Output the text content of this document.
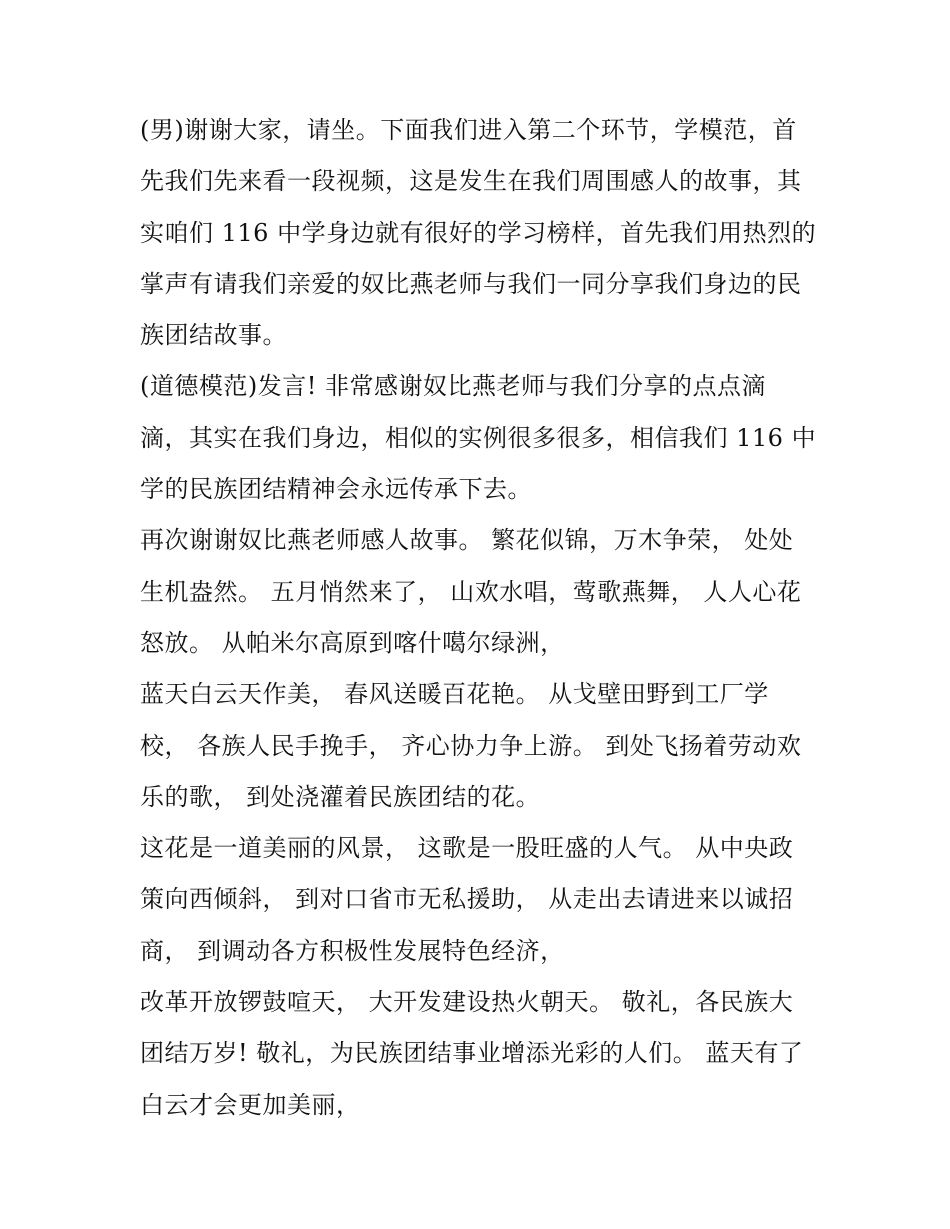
(男)谢谢大家，请坐。下面我们进入第二个环节，学模范，首
先我们先来看一段视频，这是发生在我们周围感人的故事，其
实咱们 116 中学身边就有很好的学习榜样，首先我们用热烈的
掌声有请我们亲爱的奴比燕老师与我们一同分享我们身边的民
族团结故事。
(道德模范)发言! 非常感谢奴比燕老师与我们分享的点点滴
滴，其实在我们身边，相似的实例很多很多，相信我们 116 中
学的民族团结精神会永远传承下去。
再次谢谢奴比燕老师感人故事。 繁花似锦，万木争荣， 处处
生机盎然。 五月悄然来了， 山欢水唱，莺歌燕舞， 人人心花
怒放。 从帕米尔高原到喀什噶尔绿洲，
蓝天白云天作美， 春风送暖百花艳。 从戈壁田野到工厂学
校， 各族人民手挽手， 齐心协力争上游。 到处飞扬着劳动欢
乐的歌， 到处浇灌着民族团结的花。
这花是一道美丽的风景， 这歌是一股旺盛的人气。 从中央政
策向西倾斜， 到对口省市无私援助， 从走出去请进来以诚招
商， 到调动各方积极性发展特色经济，
改革开放锣鼓喧天， 大开发建设热火朝天。 敬礼，各民族大
团结万岁! 敬礼，为民族团结事业增添光彩的人们。 蓝天有了
白云才会更加美丽，
